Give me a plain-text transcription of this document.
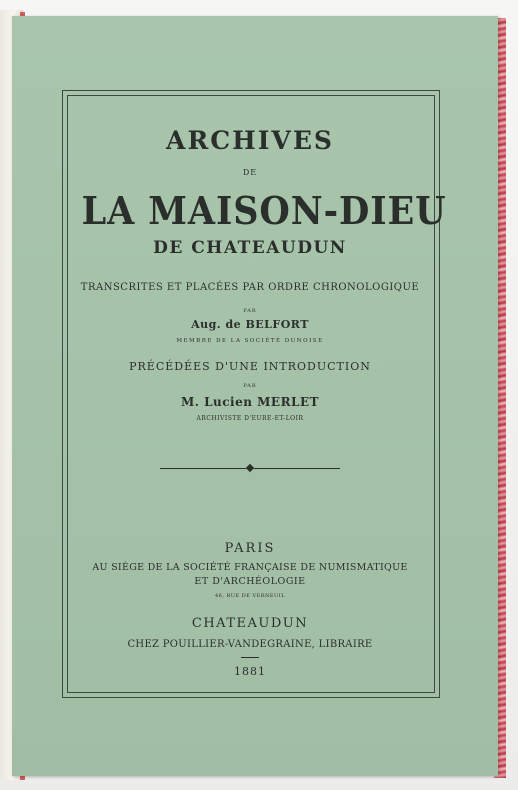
ARCHIVES

DE

LA MAISON-DIEU

DE CHATEAUDUN

TRANSCRITES ET PLACÉES PAR ORDRE CHRONOLOGIQUE

PAR

Aug. de BELFORT

MEMBRE DE LA SOCIÉTÉ DUNOISE

PRÉCÉDÉES D'UNE INTRODUCTION

PAR

M. Lucien MERLET

ARCHIVISTE D'EURE-ET-LOIR

PARIS

AU SIÈGE DE LA SOCIÉTÉ FRANÇAISE DE NUMISMATIQUE

ET D'ARCHÉOLOGIE

46, RUE DE VERNEUIL

CHATEAUDUN

CHEZ POUILLIER-VANDEGRAINE, LIBRAIRE

1881
